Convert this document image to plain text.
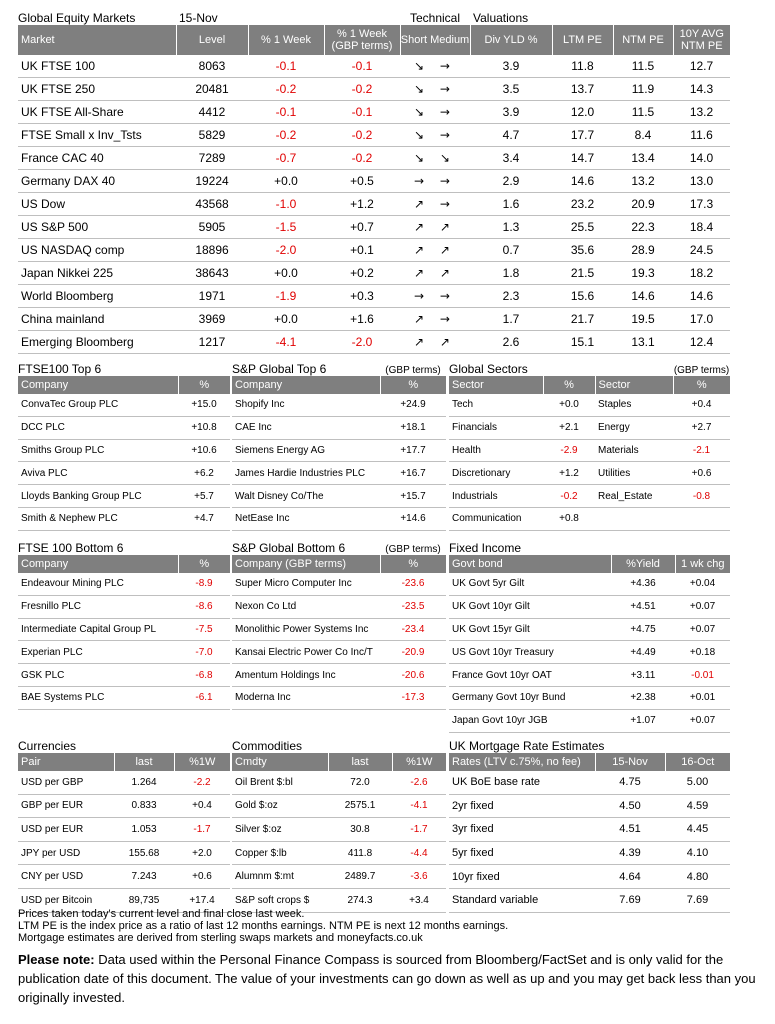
Global Equity Markets	15-Nov			Technical	Valuations			
Market	Level	% 1 Week	% 1 Week (GBP terms)	Short Medium	Div YLD %	LTM PE	NTM PE	10Y AVG NTM PE
UK FTSE 100	8063	-0.1	-0.1	↘ →	3.9	11.8	11.5	12.7
UK FTSE 250	20481	-0.2	-0.2	↘ →	3.5	13.7	11.9	14.3
UK FTSE All-Share	4412	-0.1	-0.1	↘ →	3.9	12.0	11.5	13.2
FTSE Small x Inv_Tsts	5829	-0.2	-0.2	↘ →	4.7	17.7	8.4	11.6
France CAC 40	7289	-0.7	-0.2	↘ ↘	3.4	14.7	13.4	14.0
Germany DAX 40	19224	+0.0	+0.5	→ →	2.9	14.6	13.2	13.0
US Dow	43568	-1.0	+1.2	↗ →	1.6	23.2	20.9	17.3
US S&P 500	5905	-1.5	+0.7	↗ ↗	1.3	25.5	22.3	18.4
US NASDAQ comp	18896	-2.0	+0.1	↗ ↗	0.7	35.6	28.9	24.5
Japan Nikkei 225	38643	+0.0	+0.2	↗ ↗	1.8	21.5	19.3	18.2
World Bloomberg	1971	-1.9	+0.3	→ →	2.3	15.6	14.6	14.6
China mainland	3969	+0.0	+1.6	↗ →	1.7	21.7	19.5	17.0
Emerging Bloomberg	1217	-4.1	-2.0	↗ ↗	2.6	15.1	13.1	12.4
FTSE100 Top 6	
Company	%
ConvaTec Group PLC	+15.0
DCC PLC	+10.8
Smiths Group PLC	+10.6
Aviva PLC	+6.2
Lloyds Banking Group PLC	+5.7
Smith & Nephew PLC	+4.7
S&P Global Top 6	(GBP terms)
Company	%
Shopify Inc	+24.9
CAE Inc	+18.1
Siemens Energy AG	+17.7
James Hardie Industries PLC	+16.7
Walt Disney Co/The	+15.7
NetEase Inc	+14.6
Global Sectors			(GBP terms)
Sector	%	Sector	%
Tech	+0.0	Staples	+0.4
Financials	+2.1	Energy	+2.7
Health	-2.9	Materials	-2.1
Discretionary	+1.2	Utilities	+0.6
Industrials	-0.2	Real_Estate	-0.8
Communication	+0.8		
FTSE 100 Bottom 6	
Company	%
Endeavour Mining PLC	-8.9
Fresnillo PLC	-8.6
Intermediate Capital Group PL	-7.5
Experian PLC	-7.0
GSK PLC	-6.8
BAE Systems PLC	-6.1
S&P Global Bottom 6	(GBP terms)
Company (GBP terms)	%
Super Micro Computer Inc	-23.6
Nexon Co Ltd	-23.5
Monolithic Power Systems Inc	-23.4
Kansai Electric Power Co Inc/T	-20.9
Amentum Holdings Inc	-20.6
Moderna Inc	-17.3
Fixed Income		
Govt bond	%Yield	1 wk chg
UK Govt 5yr Gilt	+4.36	+0.04
UK Govt 10yr Gilt	+4.51	+0.07
UK Govt 15yr Gilt	+4.75	+0.07
US Govt 10yr Treasury	+4.49	+0.18
France Govt 10yr OAT	+3.11	-0.01
Germany Govt 10yr Bund	+2.38	+0.01
Japan Govt 10yr JGB	+1.07	+0.07
Currencies		
Pair	last	%1W
USD per GBP	1.264	-2.2
GBP per EUR	0.833	+0.4
USD per EUR	1.053	-1.7
JPY per USD	155.68	+2.0
CNY per USD	7.243	+0.6
USD per Bitcoin	89,735	+17.4
Commodities		
Cmdty	last	%1W
Oil Brent $:bl	72.0	-2.6
Gold $:oz	2575.1	-4.1
Silver $:oz	30.8	-1.7
Copper $:lb	411.8	-4.4
Alumnm $:mt	2489.7	-3.6
S&P soft crops $	274.3	+3.4
UK Mortgage Rate Estimates		
Rates (LTV c.75%, no fee)	15-Nov	16-Oct
UK BoE base rate	4.75	5.00
2yr fixed	4.50	4.59
3yr fixed	4.51	4.45
5yr fixed	4.39	4.10
10yr fixed	4.64	4.80
Standard variable	7.69	7.69
Prices taken today's current level and final close last week.
LTM PE is the index price as a ratio of last 12 months earnings. NTM PE is next 12 months earnings.
Mortgage estimates are derived from sterling swaps markets and moneyfacts.co.uk
Please note: Data used within the Personal Finance Compass is sourced from Bloomberg/FactSet and is only valid for the publication date of this document. The value of your investments can go down as well as up and you may get back less than you originally invested.
